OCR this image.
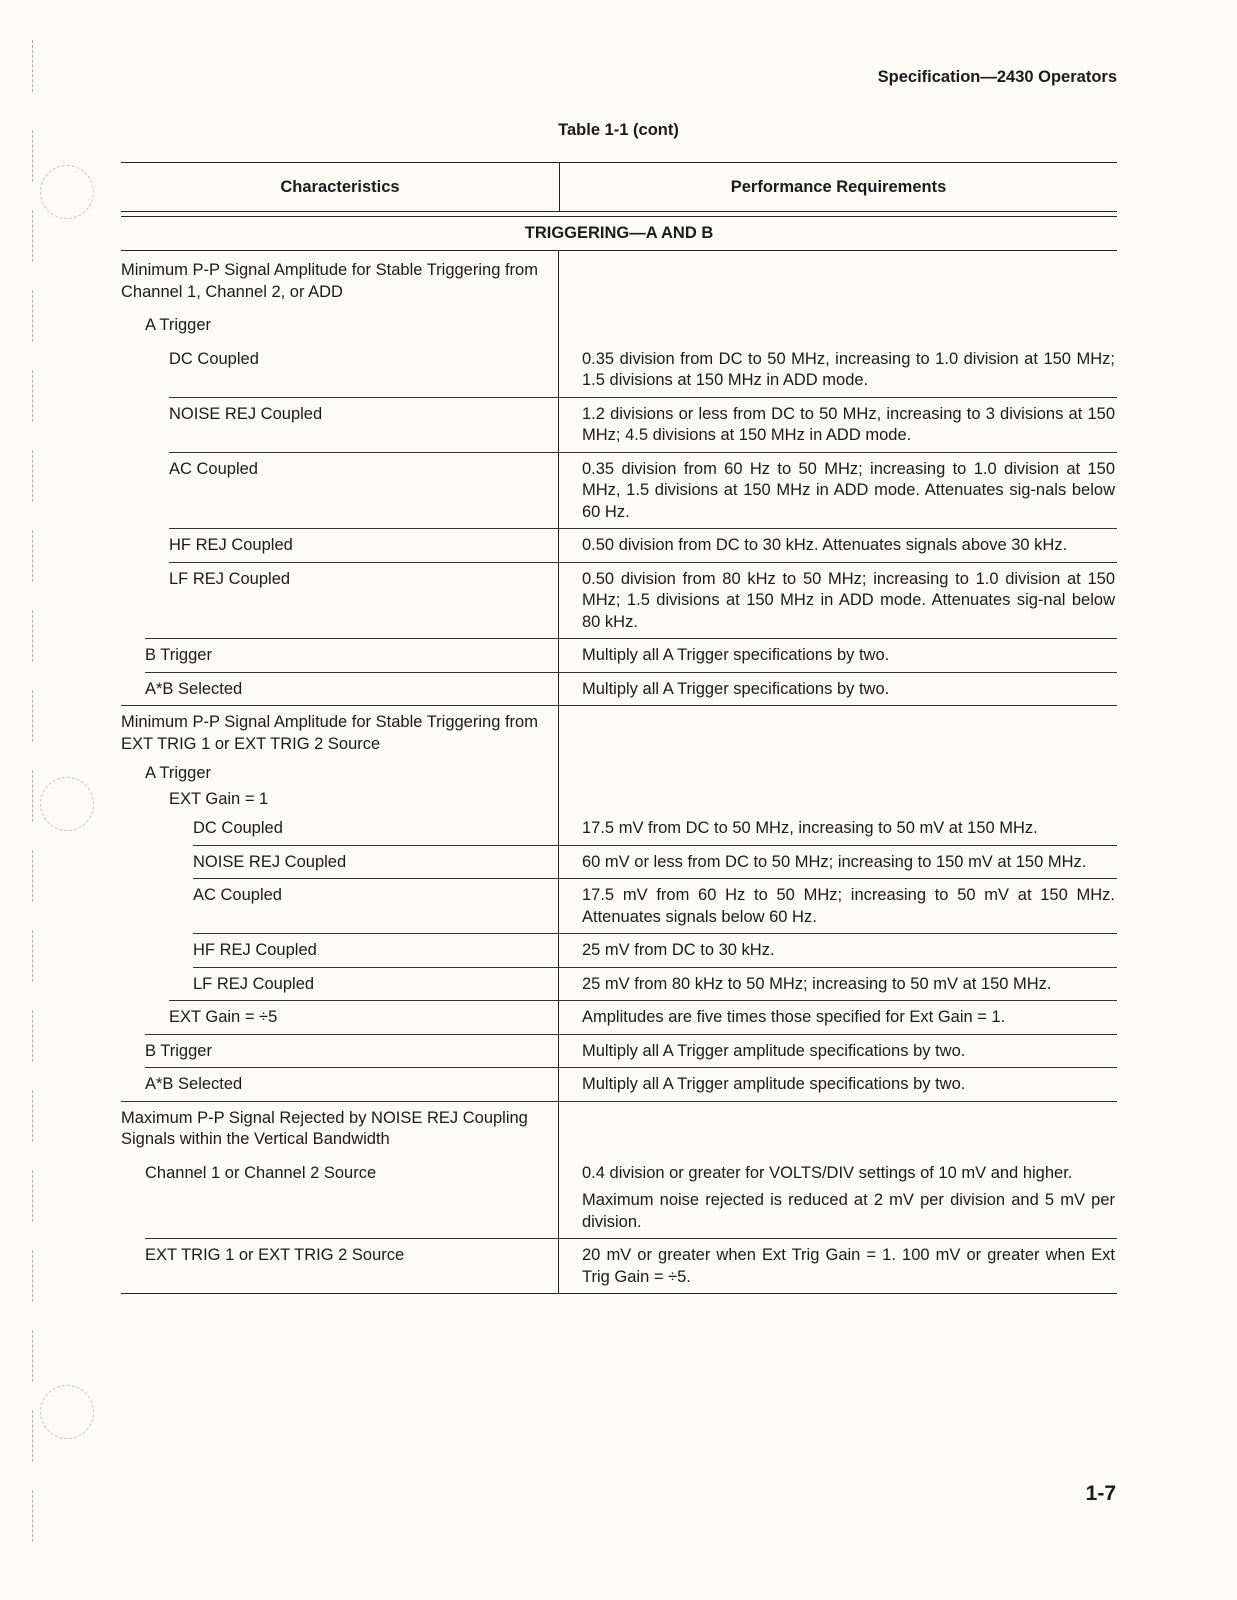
Specification—2430 Operators
Table 1-1 (cont)
Characteristics	Performance Requirements
TRIGGERING—A AND B
Minimum P-P Signal Amplitude for Stable Triggering from Channel 1, Channel 2, or ADD
A Trigger
DC Coupled	0.35 division from DC to 50 MHz, increasing to 1.0 division at 150 MHz; 1.5 divisions at 150 MHz in ADD mode.

NOISE REJ Coupled	1.2 divisions or less from DC to 50 MHz, increasing to 3 divisions at 150 MHz; 4.5 divisions at 150 MHz in ADD mode.

AC Coupled	0.35 division from 60 Hz to 50 MHz; increasing to 1.0 division at 150 MHz, 1.5 divisions at 150 MHz in ADD mode. Attenuates sig-nals below 60 Hz.

HF REJ Coupled	0.50 division from DC to 30 kHz. Attenuates signals above 30 kHz.

LF REJ Coupled	0.50 division from 80 kHz to 50 MHz; increasing to 1.0 division at 150 MHz; 1.5 divisions at 150 MHz in ADD mode. Attenuates sig-nal below 80 kHz.

B Trigger	Multiply all A Trigger specifications by two.

A*B Selected	Multiply all A Trigger specifications by two.

Minimum P-P Signal Amplitude for Stable Triggering from EXT TRIG 1 or EXT TRIG 2 Source
A Trigger
EXT Gain = 1
DC Coupled	17.5 mV from DC to 50 MHz, increasing to 50 mV at 150 MHz.

NOISE REJ Coupled	60 mV or less from DC to 50 MHz; increasing to 150 mV at 150 MHz.

AC Coupled	17.5 mV from 60 Hz to 50 MHz; increasing to 50 mV at 150 MHz. Attenuates signals below 60 Hz.

HF REJ Coupled	25 mV from DC to 30 kHz.

LF REJ Coupled	25 mV from 80 kHz to 50 MHz; increasing to 50 mV at 150 MHz.

EXT Gain = ÷5	Amplitudes are five times those specified for Ext Gain = 1.

B Trigger	Multiply all A Trigger amplitude specifications by two.

A*B Selected	Multiply all A Trigger amplitude specifications by two.

Maximum P-P Signal Rejected by NOISE REJ Coupling Signals within the Vertical Bandwidth
Channel 1 or Channel 2 Source	0.4 division or greater for VOLTS/DIV settings of 10 mV and higher.

Maximum noise rejected is reduced at 2 mV per division and 5 mV per division.

EXT TRIG 1 or EXT TRIG 2 Source	20 mV or greater when Ext Trig Gain = 1. 100 mV or greater when Ext Trig Gain = ÷5.

1-7
